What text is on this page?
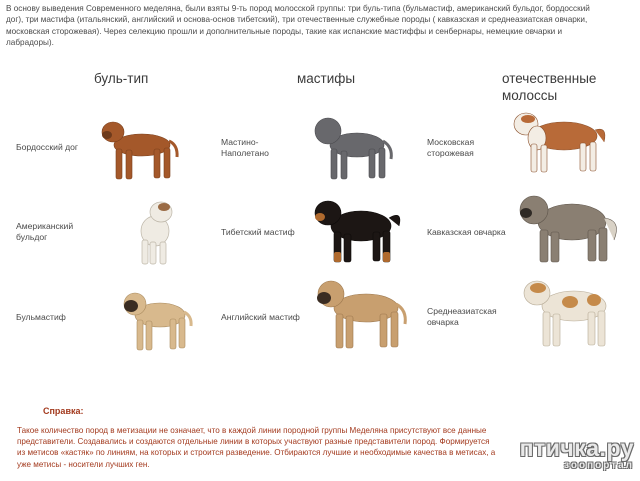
В основу выведения Современного меделяна, были взяты 9-ть пород молосской группы: три буль-типа (бульмастиф, американский бульдог, бордосский дог), три мастифа (итальянский, английский и основа-основ тибетский), три отечественные служебные породы ( кавказская и среднеазиатская овчарки, московская сторожевая). Через селекцию прошли и дополнительные породы, такие как испанские мастиффы и сенбернары, немецкие овчарки и лабрадоры).
буль-тип	мастифы	отечественные молоссы
Бордосский дог
Американский бульдог
Бульмастиф
Мастино-Наполетано
Тибетский мастиф
Английский мастиф
Московская сторожевая
Кавказская овчарка
Среднеазиатская овчарка
Справка:
Такое количество пород в метизации не означает, что в каждой линии породной группы Меделяна присутствуют все данные представители. Создавались и создаются отдельные линии в которых участвуют разные представители пород. Формируется из метисов «кастяк» по линиям, на которых и строится разведение. Отбираются лучшие и необходимые качества в метисах, а уже метисы - носители лучших ген.
птичка.ру
зоопортал
